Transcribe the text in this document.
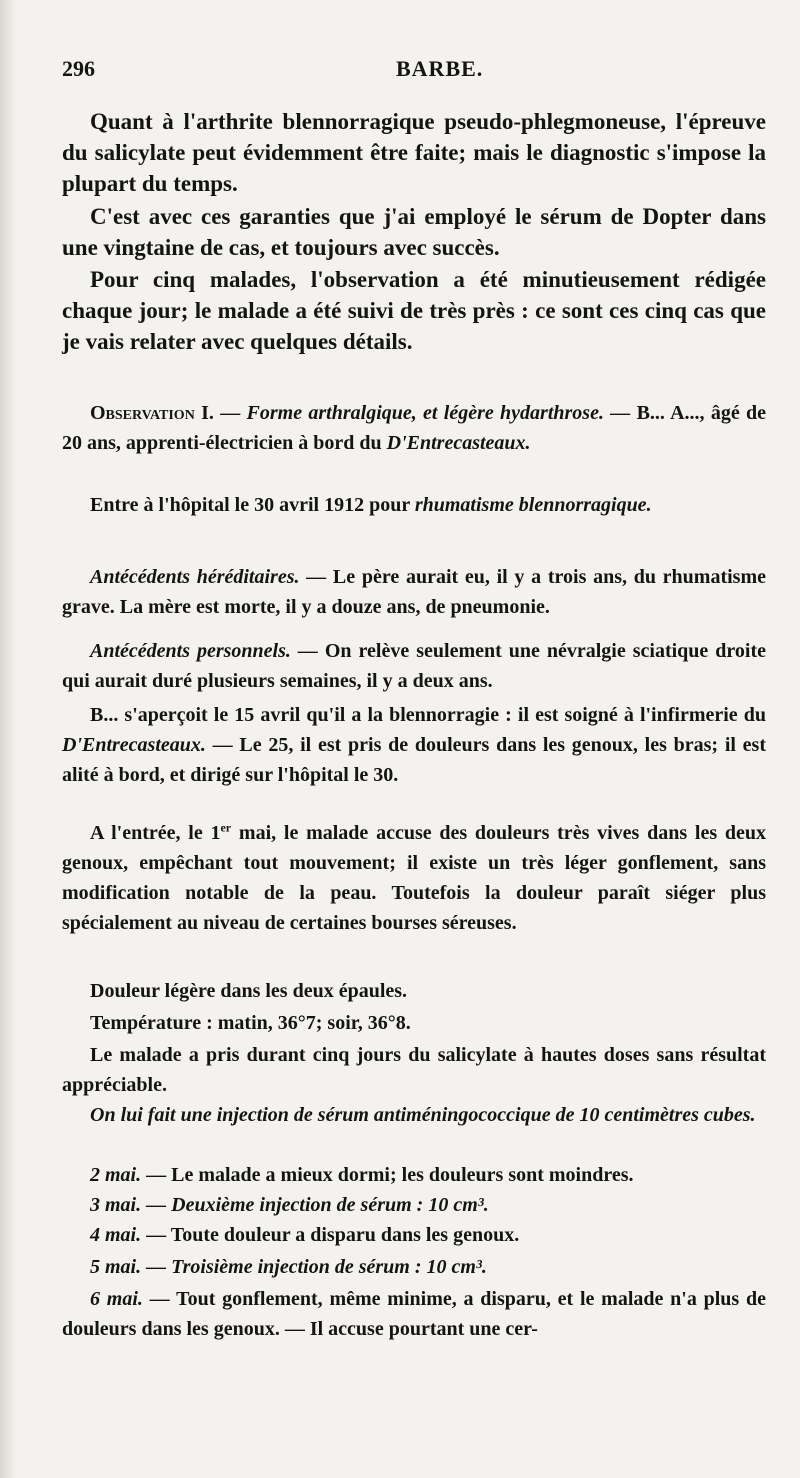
296	BARBE.

Quant à l'arthrite blennorragique pseudo-phlegmoneuse, l'épreuve du salicylate peut évidemment être faite; mais le diagnostic s'impose la plupart du temps.

C'est avec ces garanties que j'ai employé le sérum de Dopter dans une vingtaine de cas, et toujours avec succès.

Pour cinq malades, l'observation a été minutieusement rédigée chaque jour; le malade a été suivi de très près : ce sont ces cinq cas que je vais relater avec quelques détails.

Observation I. — Forme arthralgique, et légère hydarthrose. — B... A..., âgé de 20 ans, apprenti-électricien à bord du D'Entrecasteaux.

Entre à l'hôpital le 30 avril 1912 pour rhumatisme blennorragique.

Antécédents héréditaires. — Le père aurait eu, il y a trois ans, du rhumatisme grave. La mère est morte, il y a douze ans, de pneumonie.

Antécédents personnels. — On relève seulement une névralgie sciatique droite qui aurait duré plusieurs semaines, il y a deux ans.

B... s'aperçoit le 15 avril qu'il a la blennorragie : il est soigné à l'infirmerie du D'Entrecasteaux. — Le 25, il est pris de douleurs dans les genoux, les bras; il est alité à bord, et dirigé sur l'hôpital le 30.

A l'entrée, le 1er mai, le malade accuse des douleurs très vives dans les deux genoux, empêchant tout mouvement; il existe un très léger gonflement, sans modification notable de la peau. Toutefois la douleur paraît siéger plus spécialement au niveau de certaines bourses séreuses.

Douleur légère dans les deux épaules.

Température : matin, 36°7; soir, 36°8.

Le malade a pris durant cinq jours du salicylate à hautes doses sans résultat appréciable.

On lui fait une injection de sérum antiméningococcique de 10 centimètres cubes.

2 mai. — Le malade a mieux dormi; les douleurs sont moindres.

3 mai. — Deuxième injection de sérum : 10 cm³.

4 mai. — Toute douleur a disparu dans les genoux.

5 mai. — Troisième injection de sérum : 10 cm³.

6 mai. — Tout gonflement, même minime, a disparu, et le malade n'a plus de douleurs dans les genoux. — Il accuse pourtant une cer-
